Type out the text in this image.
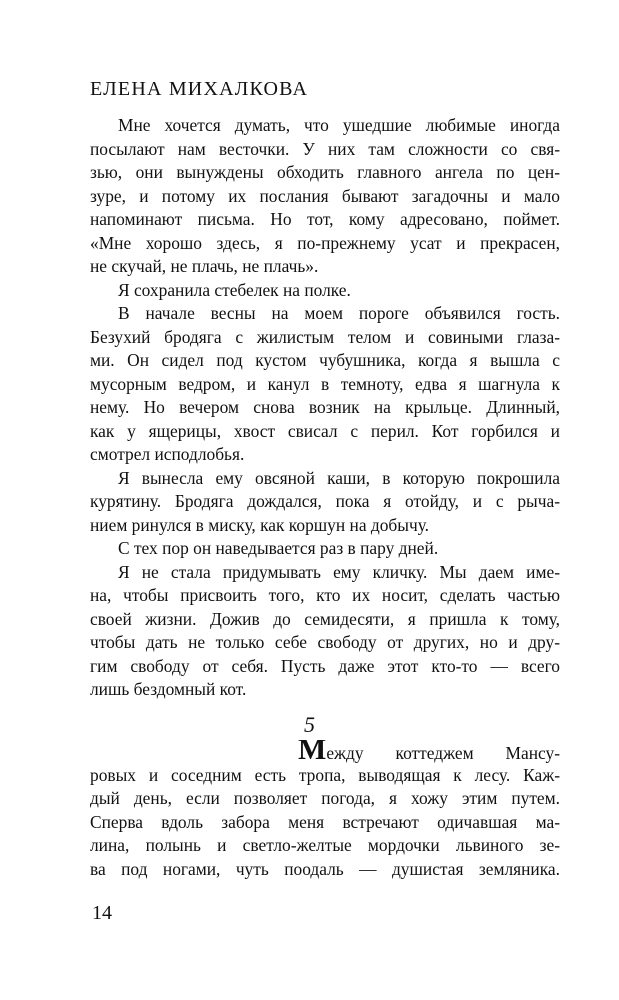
ЕЛЕНА МИХАЛКОВА
Мне хочется думать, что ушедшие любимые иногда
посылают нам весточки. У них там сложности со свя-
зью, они вынуждены обходить главного ангела по цен-
зуре, и потому их послания бывают загадочны и мало
напоминают письма. Но тот, кому адресовано, поймет.
«Мне хорошо здесь, я по-прежнему усат и прекрасен,
не скучай, не плачь, не плачь».
Я сохранила стебелек на полке.
В начале весны на моем пороге объявился гость.
Безухий бродяга с жилистым телом и совиными глаза-
ми. Он сидел под кустом чубушника, когда я вышла с
мусорным ведром, и канул в темноту, едва я шагнула к
нему. Но вечером снова возник на крыльце. Длинный,
как у ящерицы, хвост свисал с перил. Кот горбился и
смотрел исподлобья.
Я вынесла ему овсяной каши, в которую покрошила
курятину. Бродяга дождался, пока я отойду, и с рыча-
нием ринулся в миску, как коршун на добычу.
С тех пор он наведывается раз в пару дней.
Я не стала придумывать ему кличку. Мы даем име-
на, чтобы присвоить того, кто их носит, сделать частью
своей жизни. Дожив до семидесяти, я пришла к тому,
чтобы дать не только себе свободу от других, но и дру-
гим свободу от себя. Пусть даже этот кто-то — всего
лишь бездомный кот.
5
Между коттеджем Мансу-
ровых и соседним есть тропа, выводящая к лесу. Каж-
дый день, если позволяет погода, я хожу этим путем.
Сперва вдоль забора меня встречают одичавшая ма-
лина, полынь и светло-желтые мордочки львиного зе-
ва под ногами, чуть поодаль — душистая земляника.
14
